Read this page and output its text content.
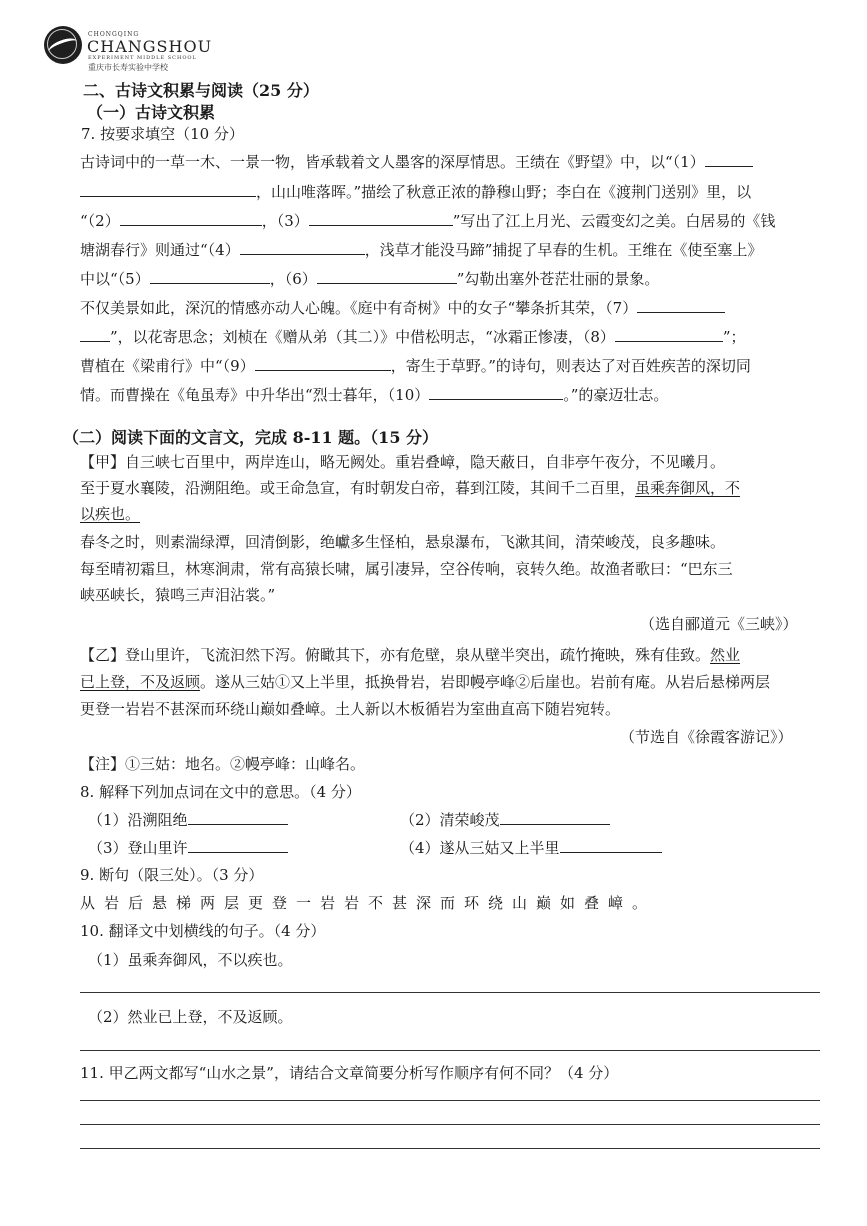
CHONGQING
CHANGSHOU
EXPERIMENT MIDDLE SCHOOL
重庆市长寿实验中学校
二、古诗文积累与阅读（25 分）
（一）古诗文积累
7. 按要求填空（10 分）
古诗词中的一草一木、一景一物，皆承载着文人墨客的深厚情思。王绩在《野望》中，以“（1）
，山山唯落晖。”描绘了秋意正浓的静穆山野；李白在《渡荆门送别》里，以
“（2）	，（3）	”写出了江上月光、云霞变幻之美。白居易的《钱
塘湖春行》则通过“（4）	，浅草才能没马蹄”捕捉了早春的生机。王维在《使至塞上》
中以“（5）	，（6）	”勾勒出塞外苍茫壮丽的景象。
不仅美景如此，深沉的情感亦动人心魄。《庭中有奇树》中的女子“攀条折其荣，（7）
”，以花寄思念；刘桢在《赠从弟（其二）》中借松明志，“冰霜正惨凄，（8）	”；
曹植在《梁甫行》中“（9）	，寄生于草野。”的诗句，则表达了对百姓疾苦的深切同
情。而曹操在《龟虽寿》中升华出“烈士暮年，（10）	。”的豪迈壮志。
（二）阅读下面的文言文，完成 8-11 题。（15 分）
【甲】自三峡七百里中，两岸连山，略无阙处。重岩叠嶂，隐天蔽日，自非亭午夜分，不见曦月。
至于夏水襄陵，沿溯阻绝。或王命急宣，有时朝发白帝，暮到江陵，其间千二百里，虽乘奔御风，不
以疾也。
春冬之时，则素湍绿潭，回清倒影，绝巘多生怪柏，悬泉瀑布，飞漱其间，清荣峻茂，良多趣味。
每至晴初霜旦，林寒涧肃，常有高猿长啸，属引凄异，空谷传响，哀转久绝。故渔者歌曰：“巴东三
峡巫峡长，猿鸣三声泪沾裳。”
（选自郦道元《三峡》）
【乙】登山里许，飞流汩然下泻。俯瞰其下，亦有危壁，泉从壁半突出，疏竹掩映，殊有佳致。然业
已上登，不及返顾。遂从三姑①又上半里，抵换骨岩，岩即幔亭峰②后崖也。岩前有庵。从岩后悬梯两层
更登一岩岩不甚深而环绕山巅如叠嶂。土人新以木板循岩为室曲直高下随岩宛转。
（节选自《徐霞客游记》）
【注】①三姑：地名。②幔亭峰：山峰名。
8. 解释下列加点词在文中的意思。（4 分）
（1）沿溯阻绝	（2）清荣峻茂
（3）登山里许	（4）遂从三姑又上半里
9. 断句（限三处）。（3 分）
从岩后悬梯两层更登一岩岩不甚深而环绕山巅如叠嶂。
10. 翻译文中划横线的句子。（4 分）
（1）虽乘奔御风，不以疾也。
（2）然业已上登，不及返顾。
11. 甲乙两文都写“山水之景”，请结合文章简要分析写作顺序有何不同？（4 分）
